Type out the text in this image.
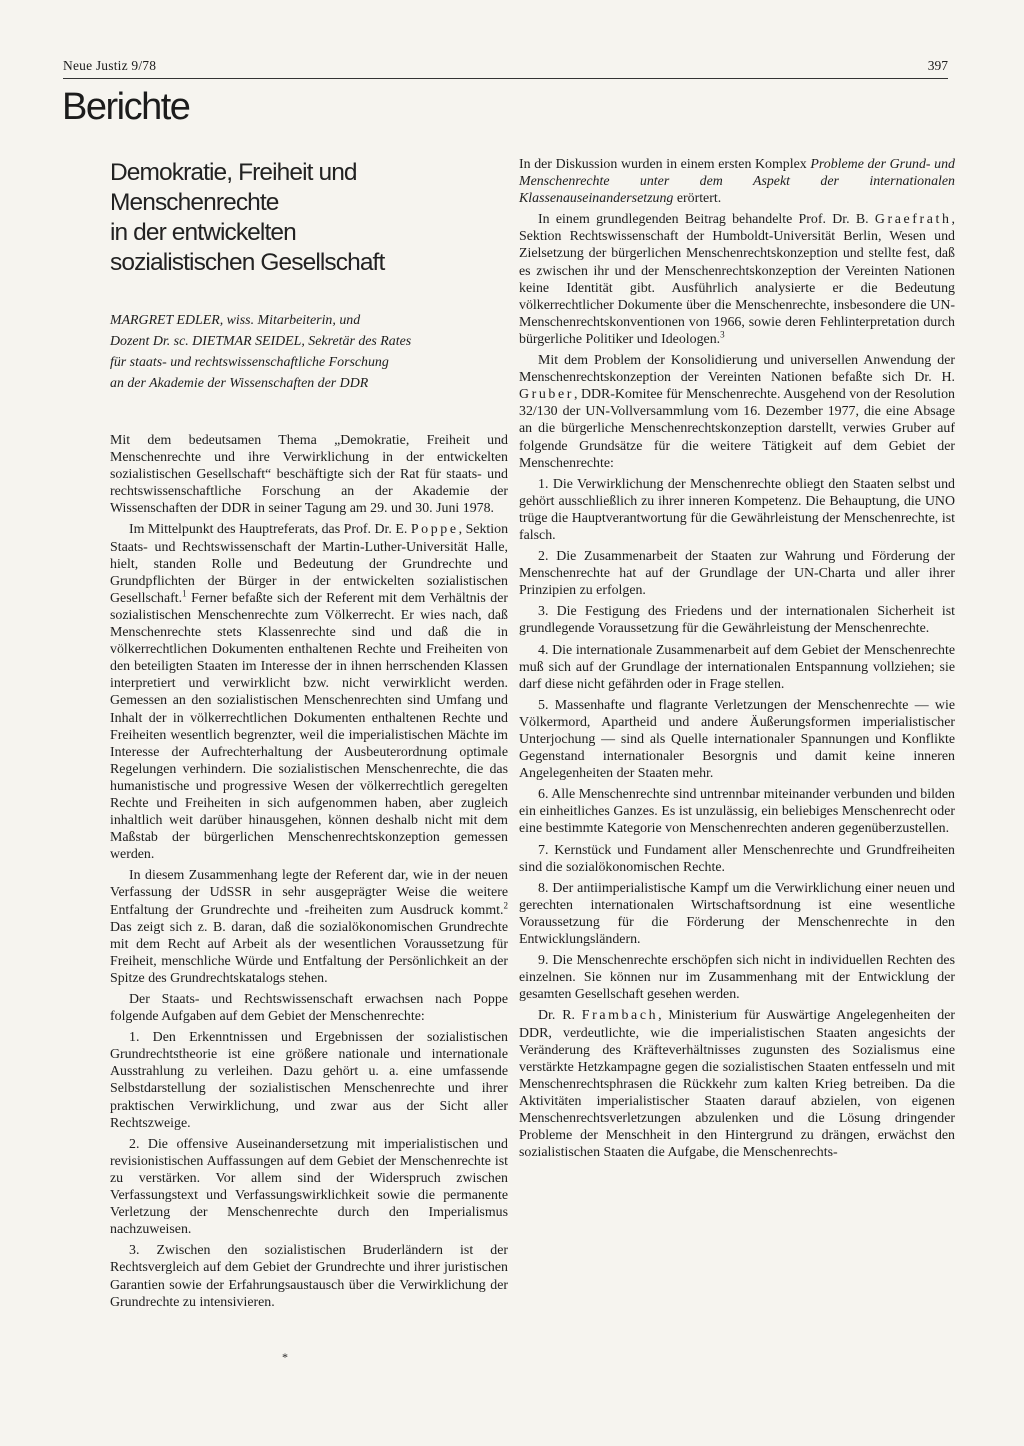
Neue Justiz 9/78	397
Berichte
Demokratie, Freiheit und Menschenrechte
in der entwickelten
sozialistischen Gesellschaft

MARGRET EDLER, wiss. Mitarbeiterin, und

Dozent Dr. sc. DIETMAR SEIDEL, Sekretär des Rates

für staats- und rechtswissenschaftliche Forschung

an der Akademie der Wissenschaften der DDR

Mit dem bedeutsamen Thema „Demokratie, Freiheit und Menschenrechte und ihre Verwirklichung in der entwickelten sozialistischen Gesellschaft“ beschäftigte sich der Rat für staats- und rechtswissenschaftliche Forschung an der Akademie der Wissenschaften der DDR in seiner Tagung am 29. und 30. Juni 1978.

Im Mittelpunkt des Hauptreferats, das Prof. Dr. E. Poppe, Sektion Staats- und Rechtswissenschaft der Martin-Luther-Universität Halle, hielt, standen Rolle und Bedeutung der Grundrechte und Grundpflichten der Bürger in der entwickelten sozialistischen Gesellschaft.$^1$ Ferner befaßte sich der Referent mit dem Verhältnis der sozialistischen Menschenrechte zum Völkerrecht. Er wies nach, daß Menschenrechte stets Klassenrechte sind und daß die in völkerrechtlichen Dokumenten enthaltenen Rechte und Freiheiten von den beteiligten Staaten im Interesse der in ihnen herrschenden Klassen interpretiert und verwirklicht bzw. nicht verwirklicht werden. Gemessen an den sozialistischen Menschenrechten sind Umfang und Inhalt der in völkerrechtlichen Dokumenten enthaltenen Rechte und Freiheiten wesentlich begrenzter, weil die imperialistischen Mächte im Interesse der Aufrechterhaltung der Ausbeuterordnung optimale Regelungen verhindern. Die sozialistischen Menschenrechte, die das humanistische und progressive Wesen der völkerrechtlich geregelten Rechte und Freiheiten in sich aufgenommen haben, aber zugleich inhaltlich weit darüber hinausgehen, können deshalb nicht mit dem Maßstab der bürgerlichen Menschenrechtskonzeption gemessen werden.

In diesem Zusammenhang legte der Referent dar, wie in der neuen Verfassung der UdSSR in sehr ausgeprägter Weise die weitere Entfaltung der Grundrechte und -freiheiten zum Ausdruck kommt.$^2$ Das zeigt sich z. B. daran, daß die sozialökonomischen Grundrechte mit dem Recht auf Arbeit als der wesentlichen Voraussetzung für Freiheit, menschliche Würde und Entfaltung der Persönlichkeit an der Spitze des Grundrechtskatalogs stehen.

Der Staats- und Rechtswissenschaft erwachsen nach Poppe folgende Aufgaben auf dem Gebiet der Menschenrechte:

1. Den Erkenntnissen und Ergebnissen der sozialistischen Grundrechtstheorie ist eine größere nationale und internationale Ausstrahlung zu verleihen. Dazu gehört u. a. eine umfassende Selbstdarstellung der sozialistischen Menschenrechte und ihrer praktischen Verwirklichung, und zwar aus der Sicht aller Rechtszweige.

2. Die offensive Auseinandersetzung mit imperialistischen und revisionistischen Auffassungen auf dem Gebiet der Menschenrechte ist zu verstärken. Vor allem sind der Widerspruch zwischen Verfassungstext und Verfassungswirklichkeit sowie die permanente Verletzung der Menschenrechte durch den Imperialismus nachzuweisen.

3. Zwischen den sozialistischen Bruderländern ist der Rechtsvergleich auf dem Gebiet der Grundrechte und ihrer juristischen Garantien sowie der Erfahrungsaustausch über die Verwirklichung der Grundrechte zu intensivieren.

In der Diskussion wurden in einem ersten Komplex Probleme der Grund- und Menschenrechte unter dem Aspekt der internationalen Klassenauseinandersetzung erörtert.

In einem grundlegenden Beitrag behandelte Prof. Dr. B. Graefrath, Sektion Rechtswissenschaft der Humboldt-Universität Berlin, Wesen und Zielsetzung der bürgerlichen Menschenrechtskonzeption und stellte fest, daß es zwischen ihr und der Menschenrechtskonzeption der Vereinten Nationen keine Identität gibt. Ausführlich analysierte er die Bedeutung völkerrechtlicher Dokumente über die Menschenrechte, insbesondere die UN-Menschenrechtskonventionen von 1966, sowie deren Fehlinterpretation durch bürgerliche Politiker und Ideologen.$^3$

Mit dem Problem der Konsolidierung und universellen Anwendung der Menschenrechtskonzeption der Vereinten Nationen befaßte sich Dr. H. Gruber, DDR-Komitee für Menschenrechte. Ausgehend von der Resolution 32/130 der UN-Vollversammlung vom 16. Dezember 1977, die eine Absage an die bürgerliche Menschenrechtskonzeption darstellt, verwies Gruber auf folgende Grundsätze für die weitere Tätigkeit auf dem Gebiet der Menschenrechte:

1. Die Verwirklichung der Menschenrechte obliegt den Staaten selbst und gehört ausschließlich zu ihrer inneren Kompetenz. Die Behauptung, die UNO trüge die Hauptverantwortung für die Gewährleistung der Menschenrechte, ist falsch.

2. Die Zusammenarbeit der Staaten zur Wahrung und Förderung der Menschenrechte hat auf der Grundlage der UN-Charta und aller ihrer Prinzipien zu erfolgen.

3. Die Festigung des Friedens und der internationalen Sicherheit ist grundlegende Voraussetzung für die Gewährleistung der Menschenrechte.

4. Die internationale Zusammenarbeit auf dem Gebiet der Menschenrechte muß sich auf der Grundlage der internationalen Entspannung vollziehen; sie darf diese nicht gefährden oder in Frage stellen.

5. Massenhafte und flagrante Verletzungen der Menschenrechte — wie Völkermord, Apartheid und andere Äußerungsformen imperialistischer Unterjochung — sind als Quelle internationaler Spannungen und Konflikte Gegenstand internationaler Besorgnis und damit keine inneren Angelegenheiten der Staaten mehr.

6. Alle Menschenrechte sind untrennbar miteinander verbunden und bilden ein einheitliches Ganzes. Es ist unzulässig, ein beliebiges Menschenrecht oder eine bestimmte Kategorie von Menschenrechten anderen gegenüberzustellen.

7. Kernstück und Fundament aller Menschenrechte und Grundfreiheiten sind die sozialökonomischen Rechte.

8. Der antiimperialistische Kampf um die Verwirklichung einer neuen und gerechten internationalen Wirtschaftsordnung ist eine wesentliche Voraussetzung für die Förderung der Menschenrechte in den Entwicklungsländern.

9. Die Menschenrechte erschöpfen sich nicht in individuellen Rechten des einzelnen. Sie können nur im Zusammenhang mit der Entwicklung der gesamten Gesellschaft gesehen werden.

Dr. R. Frambach, Ministerium für Auswärtige Angelegenheiten der DDR, verdeutlichte, wie die imperialistischen Staaten angesichts der Veränderung des Kräfteverhältnisses zugunsten des Sozialismus eine verstärkte Hetzkampagne gegen die sozialistischen Staaten entfesseln und mit Menschenrechtsphrasen die Rückkehr zum kalten Krieg betreiben. Da die Aktivitäten imperialistischer Staaten darauf abzielen, von eigenen Menschenrechtsverletzungen abzulenken und die Lösung dringender Probleme der Menschheit in den Hintergrund zu drängen, erwächst den sozialistischen Staaten die Aufgabe, die Menschenrechts-

*
